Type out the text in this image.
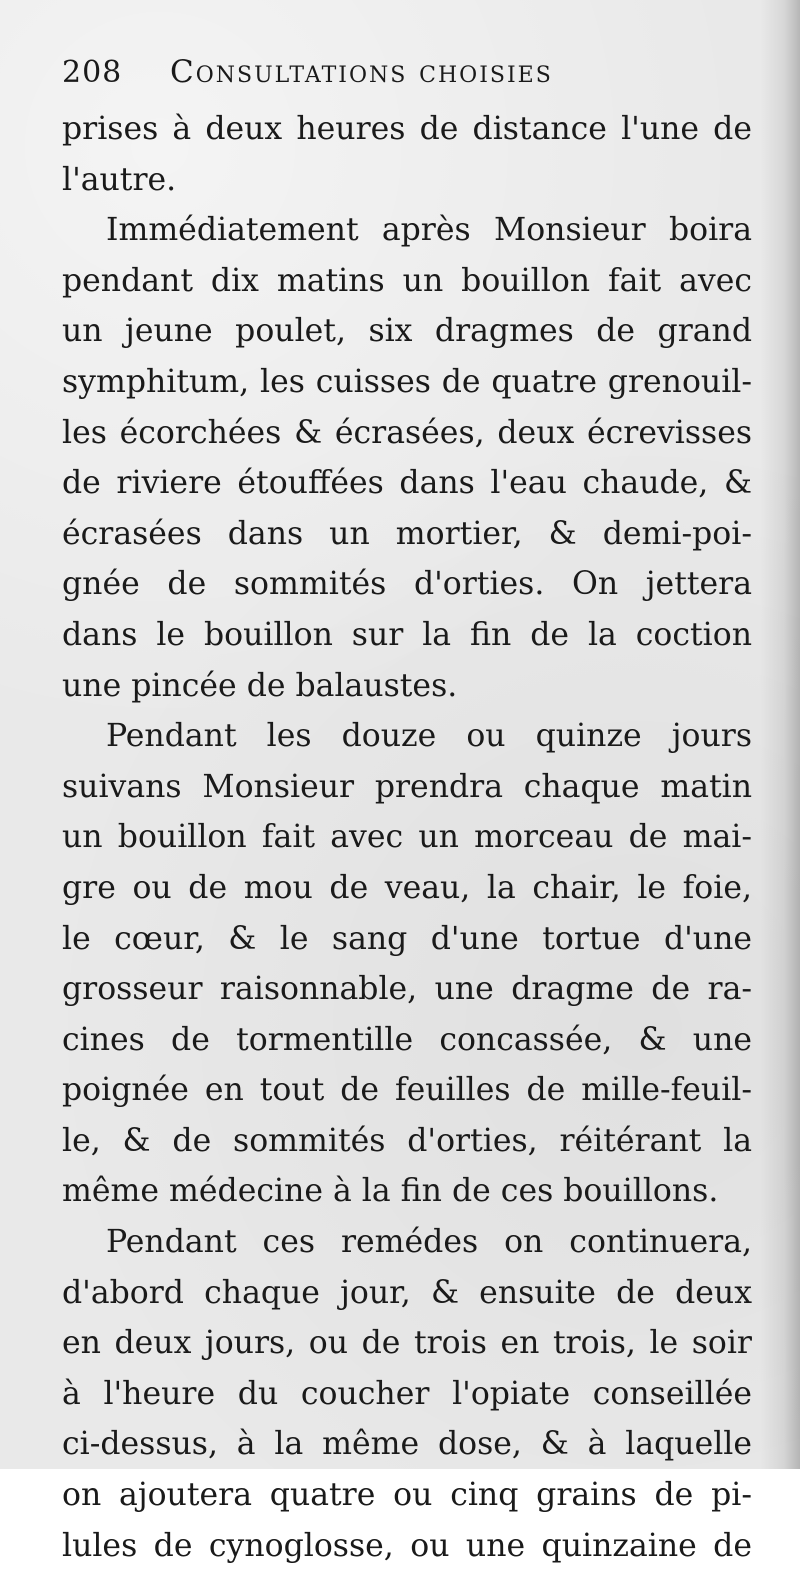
208	Consultations choisies
prises à deux heures de distance l'une de
l'autre.
Immédiatement après Monsieur boira
pendant dix matins un bouillon fait avec
un jeune poulet, six dragmes de grand
symphitum, les cuisses de quatre grenouil-
les écorchées & écrasées, deux écrevisses
de riviere étouffées dans l'eau chaude, &
écrasées dans un mortier, & demi-poi-
gnée de sommités d'orties. On jettera
dans le bouillon sur la fin de la coction
une pincée de balaustes.
Pendant les douze ou quinze jours
suivans Monsieur prendra chaque matin
un bouillon fait avec un morceau de mai-
gre ou de mou de veau, la chair, le foie,
le cœur, & le sang d'une tortue d'une
grosseur raisonnable, une dragme de ra-
cines de tormentille concassée, & une
poignée en tout de feuilles de mille-feuil-
le, & de sommités d'orties, réitérant la
même médecine à la fin de ces bouillons.
Pendant ces remédes on continuera,
d'abord chaque jour, & ensuite de deux
en deux jours, ou de trois en trois, le soir
à l'heure du coucher l'opiate conseillée
ci-dessus, à la même dose, & à laquelle
on ajoutera quatre ou cinq grains de pi-
lules de cynoglosse, ou une quinzaine de
